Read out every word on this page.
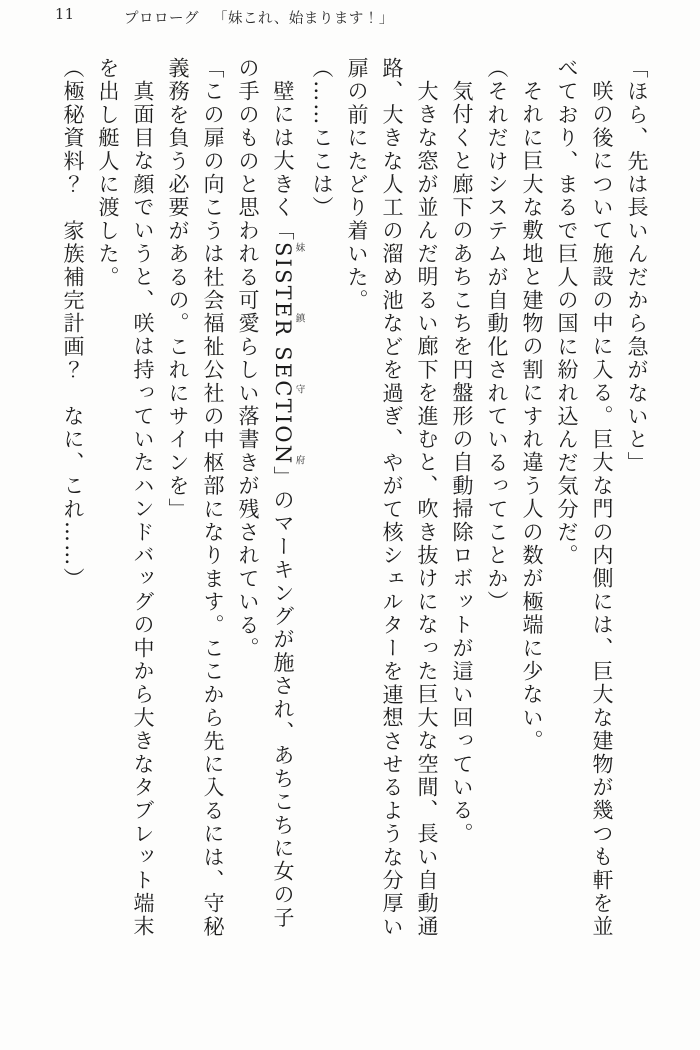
11	プロローグ 「妹これ、始まります！」

「ほら、先は長いんだから急がないと」

咲の後について施設の中に入る。巨大な門の内側には、巨大な建物が幾つも軒を並べており、まるで巨人の国に紛れ込んだ気分だ。

それに巨大な敷地と建物の割にすれ違う人の数が極端に少ない。

（それだけシステムが自動化されているってことか）

気付くと廊下のあちこちを円盤形の自動掃除ロボットが這い回っている。

大きな窓が並んだ明るい廊下を進むと、吹き抜けになった巨大な空間、長い自動通路、大きな人工の溜め池などを過ぎ、やがて核シェルターを連想させるような分厚い扉の前にたどり着いた。

（……ここは）

壁には大きく「SISTER SECTION妹鎮守府」のマーキングが施され、あちこちに女の子の手のものと思われる可愛らしい落書きが残されている。

「この扉の向こうは社会福祉公社の中枢部になります。ここから先に入るには、守秘義務を負う必要があるの。これにサインを」

真面目な顔でいうと、咲は持っていたハンドバッグの中から大きなタブレット端末を出し艇人に渡した。

（極秘資料？　家族補完計画？　なに、これ……）
